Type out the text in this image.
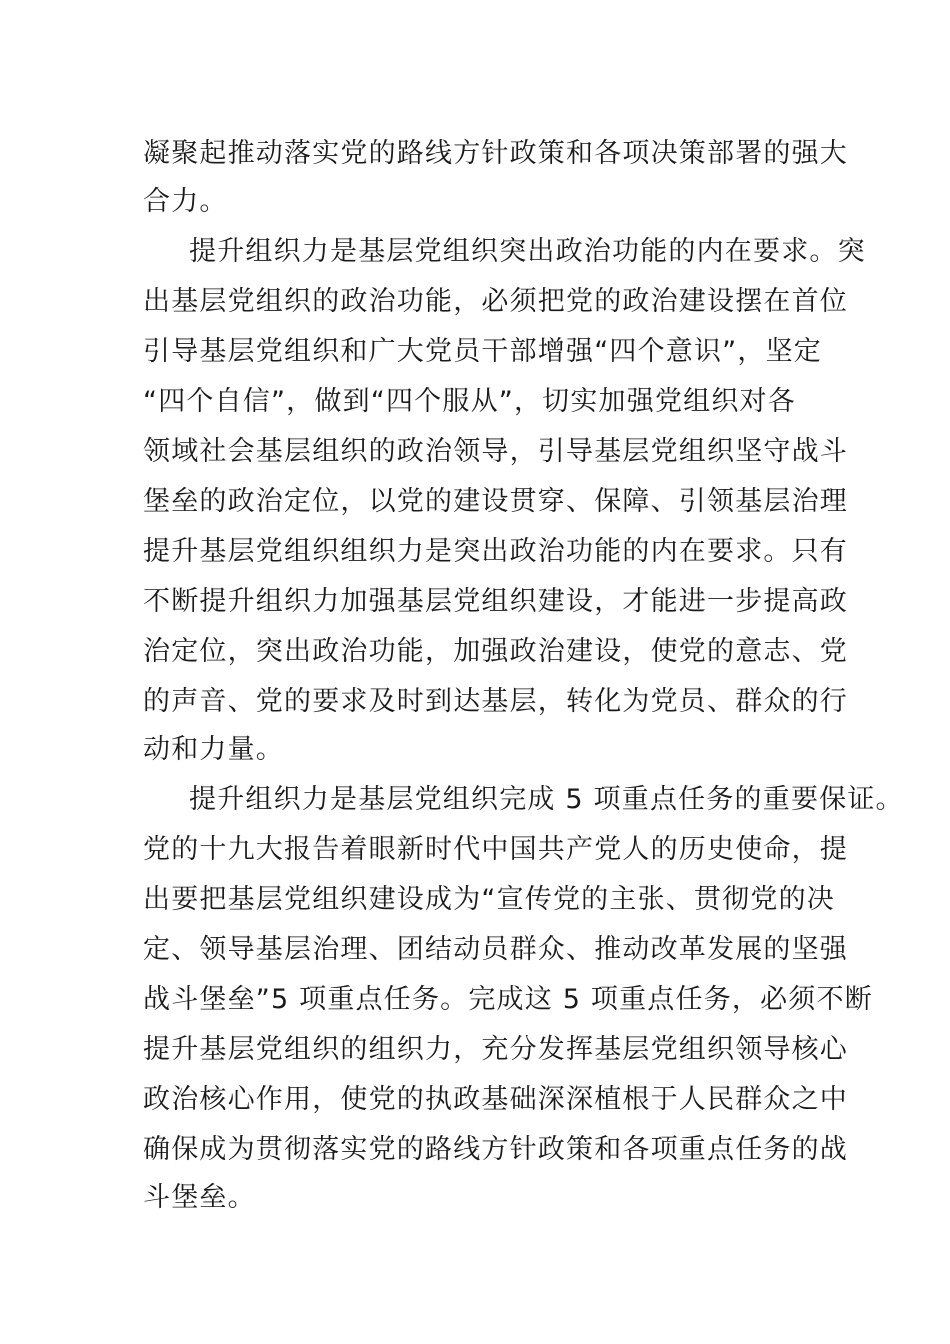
凝聚起推动落实党的路线方针政策和各项决策部署的强大
合力。
提升组织力是基层党组织突出政治功能的内在要求。突
出基层党组织的政治功能，必须把党的政治建设摆在首位
引导基层党组织和广大党员干部增强“四个意识”，坚定
“四个自信”，做到“四个服从”，切实加强党组织对各
领域社会基层组织的政治领导，引导基层党组织坚守战斗
堡垒的政治定位，以党的建设贯穿、保障、引领基层治理
提升基层党组织组织力是突出政治功能的内在要求。只有
不断提升组织力加强基层党组织建设，才能进一步提高政
治定位，突出政治功能，加强政治建设，使党的意志、党
的声音、党的要求及时到达基层，转化为党员、群众的行
动和力量。
提升组织力是基层党组织完成 5 项重点任务的重要保证。
党的十九大报告着眼新时代中国共产党人的历史使命，提
出要把基层党组织建设成为“宣传党的主张、贯彻党的决
定、领导基层治理、团结动员群众、推动改革发展的坚强
战斗堡垒”5 项重点任务。完成这 5 项重点任务，必须不断
提升基层党组织的组织力，充分发挥基层党组织领导核心
政治核心作用，使党的执政基础深深植根于人民群众之中
确保成为贯彻落实党的路线方针政策和各项重点任务的战
斗堡垒。
